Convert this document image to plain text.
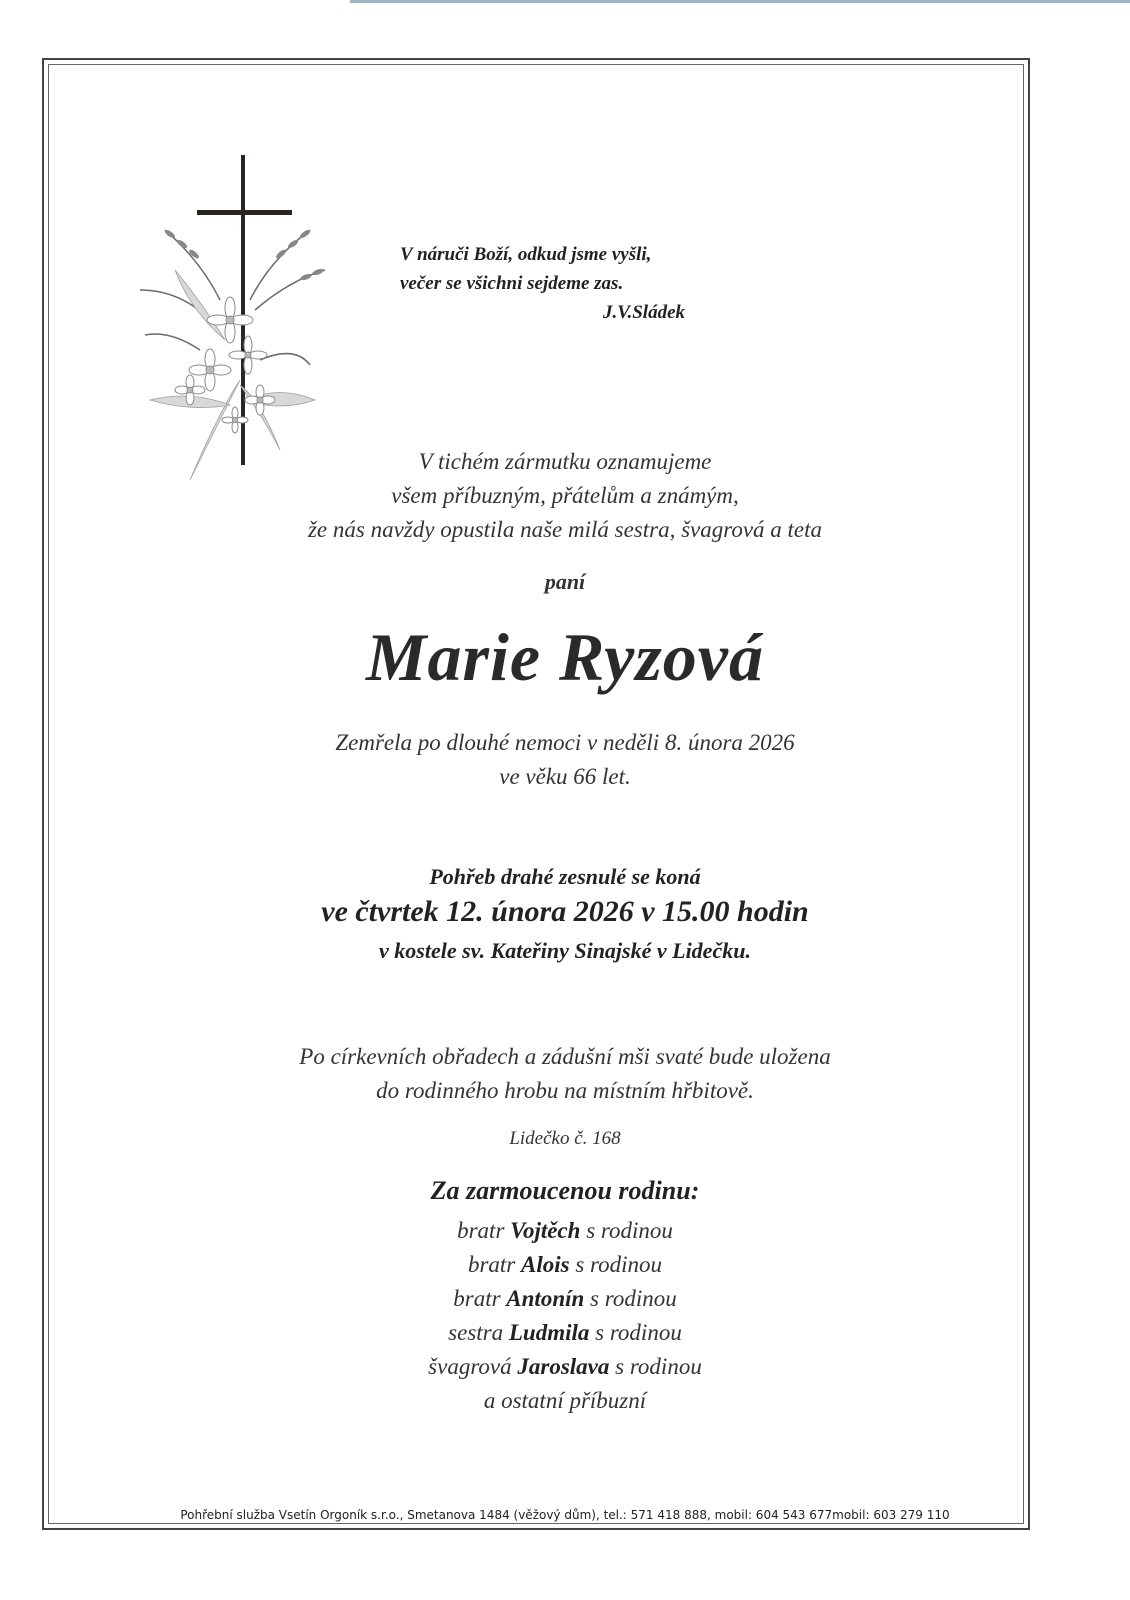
V náruči Boží, odkud jsme vyšli,
večer se všichni sejdeme zas.
J.V.Sládek
V tichém zármutku oznamujeme
všem příbuzným, přátelům a známým,
že nás navždy opustila naše milá sestra, švagrová a teta
paní
Marie Ryzová
Zemřela po dlouhé nemoci v neděli 8. února 2026
ve věku 66 let.
Pohřeb drahé zesnulé se koná
ve čtvrtek 12. února 2026 v 15.00 hodin
v kostele sv. Kateřiny Sinajské v Lidečku.
Po církevních obřadech a zádušní mši svaté bude uložena
do rodinného hrobu na místním hřbitově.
Lidečko č. 168
Za zarmoucenou rodinu:
bratr Vojtěch s rodinou
bratr Alois s rodinou
bratr Antonín s rodinou
sestra Ludmila s rodinou
švagrová Jaroslava s rodinou
a ostatní příbuzní
Pohřební služba Vsetín Orgoník s.r.o., Smetanova 1484 (věžový dům), tel.: 571 418 888, mobil: 604 543 677mobil: 603 279 110
